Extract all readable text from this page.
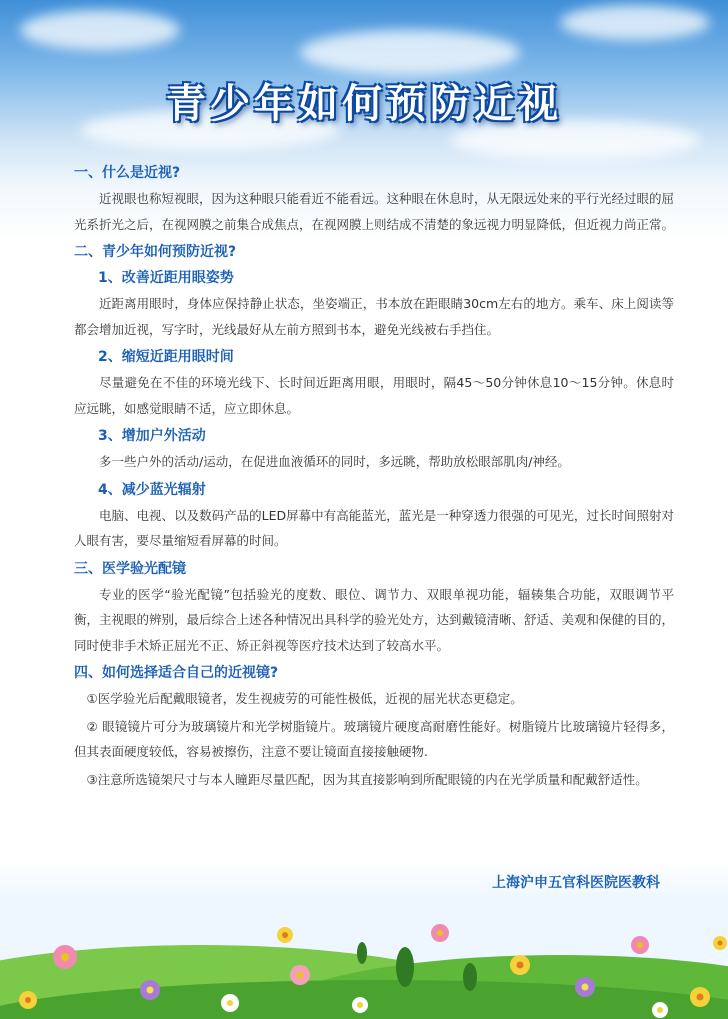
青少年如何预防近视
一、什么是近视?
近视眼也称短视眼，因为这种眼只能看近不能看远。这种眼在休息时，从无限远处来的平行光经过眼的屈光系折光之后，在视网膜之前集合成焦点，在视网膜上则结成不清楚的象远视力明显降低，但近视力尚正常。
二、青少年如何预防近视?
1、改善近距用眼姿势
近距离用眼时，身体应保持静止状态，坐姿端正，书本放在距眼睛30cm左右的地方。乘车、床上阅读等都会增加近视，写字时，光线最好从左前方照到书本，避免光线被右手挡住。
2、缩短近距用眼时间
尽量避免在不佳的环境光线下、长时间近距离用眼，用眼时，隔45～50分钟休息10～15分钟。休息时应远眺，如感觉眼睛不适，应立即休息。
3、增加户外活动
多一些户外的活动/运动，在促进血液循环的同时，多远眺，帮助放松眼部肌肉/神经。
4、减少蓝光辐射
电脑、电视、以及数码产品的LED屏幕中有高能蓝光，蓝光是一种穿透力很强的可见光，过长时间照射对人眼有害，要尽量缩短看屏幕的时间。
三、医学验光配镜
专业的医学“验光配镜”包括验光的度数、眼位、调节力、双眼单视功能，辐辏集合功能，双眼调节平衡，主视眼的辨别，最后综合上述各种情况出具科学的验光处方，达到戴镜清晰、舒适、美观和保健的目的，同时使非手术矫正屈光不正、矫正斜视等医疗技术达到了较高水平。
四、如何选择适合自己的近视镜?
①医学验光后配戴眼镜者，发生视疲劳的可能性极低，近视的屈光状态更稳定。
② 眼镜镜片可分为玻璃镜片和光学树脂镜片。玻璃镜片硬度高耐磨性能好。树脂镜片比玻璃镜片轻得多，但其表面硬度较低，容易被擦伤，注意不要让镜面直接接触硬物.
③注意所选镜架尺寸与本人瞳距尽量匹配，因为其直接影响到所配眼镜的内在光学质量和配戴舒适性。
上海沪申五官科医院医教科
